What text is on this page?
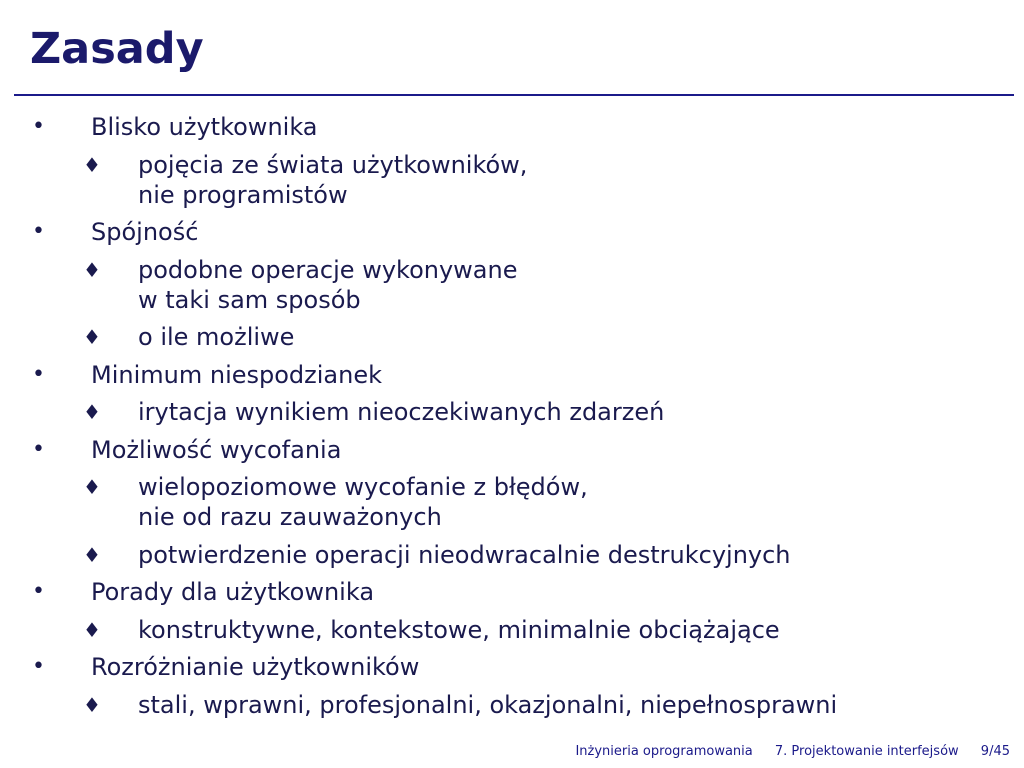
Zasady
• Blisko użytkownika
♦ pojęcia ze świata użytkowników,
nie programistów
• Spójność
♦ podobne operacje wykonywane
w taki sam sposób
♦ o ile możliwe
• Minimum niespodzianek
♦ irytacja wynikiem nieoczekiwanych zdarzeń
• Możliwość wycofania
♦ wielopoziomowe wycofanie z błędów,
nie od razu zauważonych
♦ potwierdzenie operacji nieodwracalnie destrukcyjnych
• Porady dla użytkownika
♦ konstruktywne, kontekstowe, minimalnie obciążające
• Rozróżnianie użytkowników
♦ stali, wprawni, profesjonalni, okazjonalni, niepełnosprawni
Inżynieria oprogramowania 7. Projektowanie interfejsów 9/45
